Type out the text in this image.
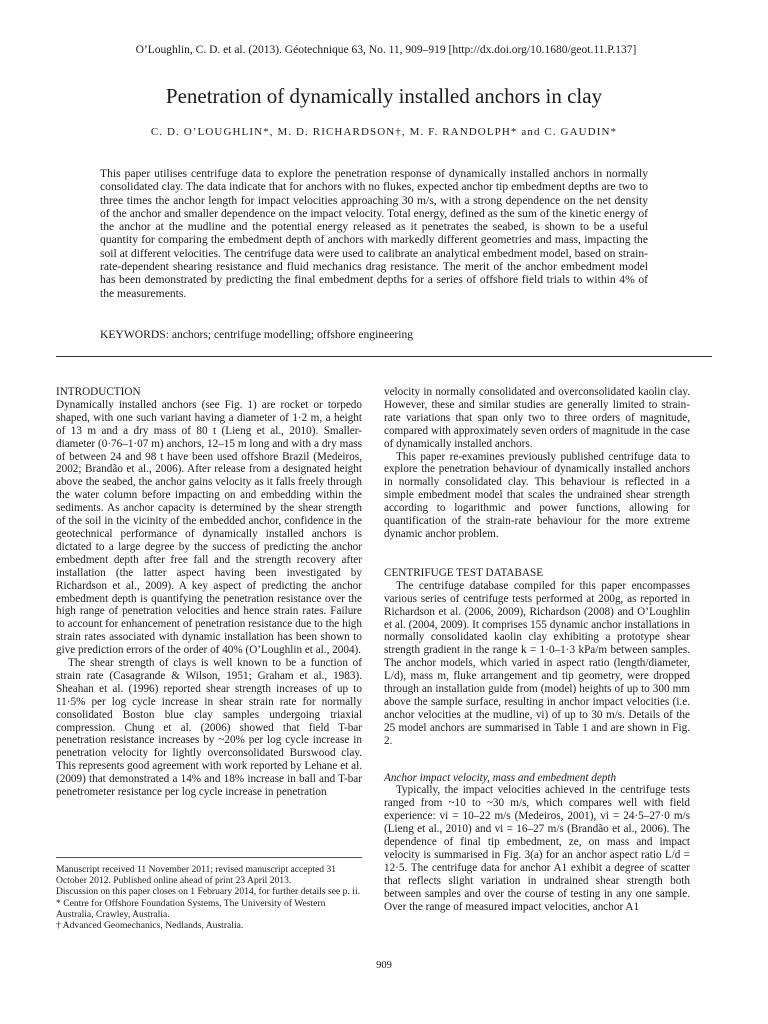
O’Loughlin, C. D. et al. (2013). Géotechnique 63, No. 11, 909–919 [http://dx.doi.org/10.1680/geot.11.P.137]
Penetration of dynamically installed anchors in clay
C. D. O’LOUGHLIN*, M. D. RICHARDSON†, M. F. RANDOLPH* and C. GAUDIN*

This paper utilises centrifuge data to explore the penetration response of dynamically installed anchors in normally consolidated clay. The data indicate that for anchors with no flukes, expected anchor tip embedment depths are two to three times the anchor length for impact velocities approaching 30 m/s, with a strong dependence on the net density of the anchor and smaller dependence on the impact velocity. Total energy, defined as the sum of the kinetic energy of the anchor at the mudline and the potential energy released as it penetrates the seabed, is shown to be a useful quantity for comparing the embedment depth of anchors with markedly different geometries and mass, impacting the soil at different velocities. The centrifuge data were used to calibrate an analytical embedment model, based on strain-rate-dependent shearing resistance and fluid mechanics drag resistance. The merit of the anchor embedment model has been demonstrated by predicting the final embedment depths for a series of offshore field trials to within 4% of the measurements.

KEYWORDS: anchors; centrifuge modelling; offshore engineering

INTRODUCTION

Dynamically installed anchors (see Fig. 1) are rocket or torpedo shaped, with one such variant having a diameter of 1·2 m, a height of 13 m and a dry mass of 80 t (Lieng et al., 2010). Smaller-diameter (0·76–1·07 m) anchors, 12–15 m long and with a dry mass of between 24 and 98 t have been used offshore Brazil (Medeiros, 2002; Brandão et al., 2006). After release from a designated height above the seabed, the anchor gains velocity as it falls freely through the water column before impacting on and embedding within the sediments. As anchor capacity is determined by the shear strength of the soil in the vicinity of the embedded anchor, confidence in the geotechnical performance of dynamically installed anchors is dictated to a large degree by the success of predicting the anchor embedment depth after free fall and the strength recovery after installation (the latter aspect having been investigated by Richardson et al., 2009). A key aspect of predicting the anchor embedment depth is quantifying the penetration resistance over the high range of penetration velocities and hence strain rates. Failure to account for enhancement of penetration resistance due to the high strain rates associated with dynamic installation has been shown to give prediction errors of the order of 40% (O’Loughlin et al., 2004).

The shear strength of clays is well known to be a function of strain rate (Casagrande & Wilson, 1951; Graham et al., 1983). Sheahan et al. (1996) reported shear strength increases of up to 11·5% per log cycle increase in shear strain rate for normally consolidated Boston blue clay samples undergoing triaxial compression. Chung et al. (2006) showed that field T-bar penetration resistance increases by ~20% per log cycle increase in penetration velocity for lightly overconsolidated Burswood clay. This represents good agreement with work reported by Lehane et al. (2009) that demonstrated a 14% and 18% increase in ball and T-bar penetrometer resistance per log cycle increase in penetration

velocity in normally consolidated and overconsolidated kaolin clay. However, these and similar studies are generally limited to strain-rate variations that span only two to three orders of magnitude, compared with approximately seven orders of magnitude in the case of dynamically installed anchors.

This paper re-examines previously published centrifuge data to explore the penetration behaviour of dynamically installed anchors in normally consolidated clay. This behaviour is reflected in a simple embedment model that scales the undrained shear strength according to logarithmic and power functions, allowing for quantification of the strain-rate behaviour for the more extreme dynamic anchor problem.

CENTRIFUGE TEST DATABASE

The centrifuge database compiled for this paper encompasses various series of centrifuge tests performed at 200g, as reported in Richardson et al. (2006, 2009), Richardson (2008) and O’Loughlin et al. (2004, 2009). It comprises 155 dynamic anchor installations in normally consolidated kaolin clay exhibiting a prototype shear strength gradient in the range k = 1·0–1·3 kPa/m between samples. The anchor models, which varied in aspect ratio (length/diameter, L/d), mass m, fluke arrangement and tip geometry, were dropped through an installation guide from (model) heights of up to 300 mm above the sample surface, resulting in anchor impact velocities (i.e. anchor velocities at the mudline, vi) of up to 30 m/s. Details of the 25 model anchors are summarised in Table 1 and are shown in Fig. 2.

Anchor impact velocity, mass and embedment depth

Typically, the impact velocities achieved in the centrifuge tests ranged from ~10 to ~30 m/s, which compares well with field experience: vi = 10–22 m/s (Medeiros, 2001), vi = 24·5–27·0 m/s (Lieng et al., 2010) and vi = 16–27 m/s (Brandão et al., 2006). The dependence of final tip embedment, ze, on mass and impact velocity is summarised in Fig. 3(a) for an anchor aspect ratio L/d = 12·5. The centrifuge data for anchor A1 exhibit a degree of scatter that reflects slight variation in undrained shear strength both between samples and over the course of testing in any one sample. Over the range of measured impact velocities, anchor A1

Manuscript received 11 November 2011; revised manuscript accepted 31 October 2012. Published online ahead of print 23 April 2013.

Discussion on this paper closes on 1 February 2014, for further details see p. ii.

* Centre for Offshore Foundation Systems, The University of Western Australia, Crawley, Australia.

† Advanced Geomechanics, Nedlands, Australia.

909
